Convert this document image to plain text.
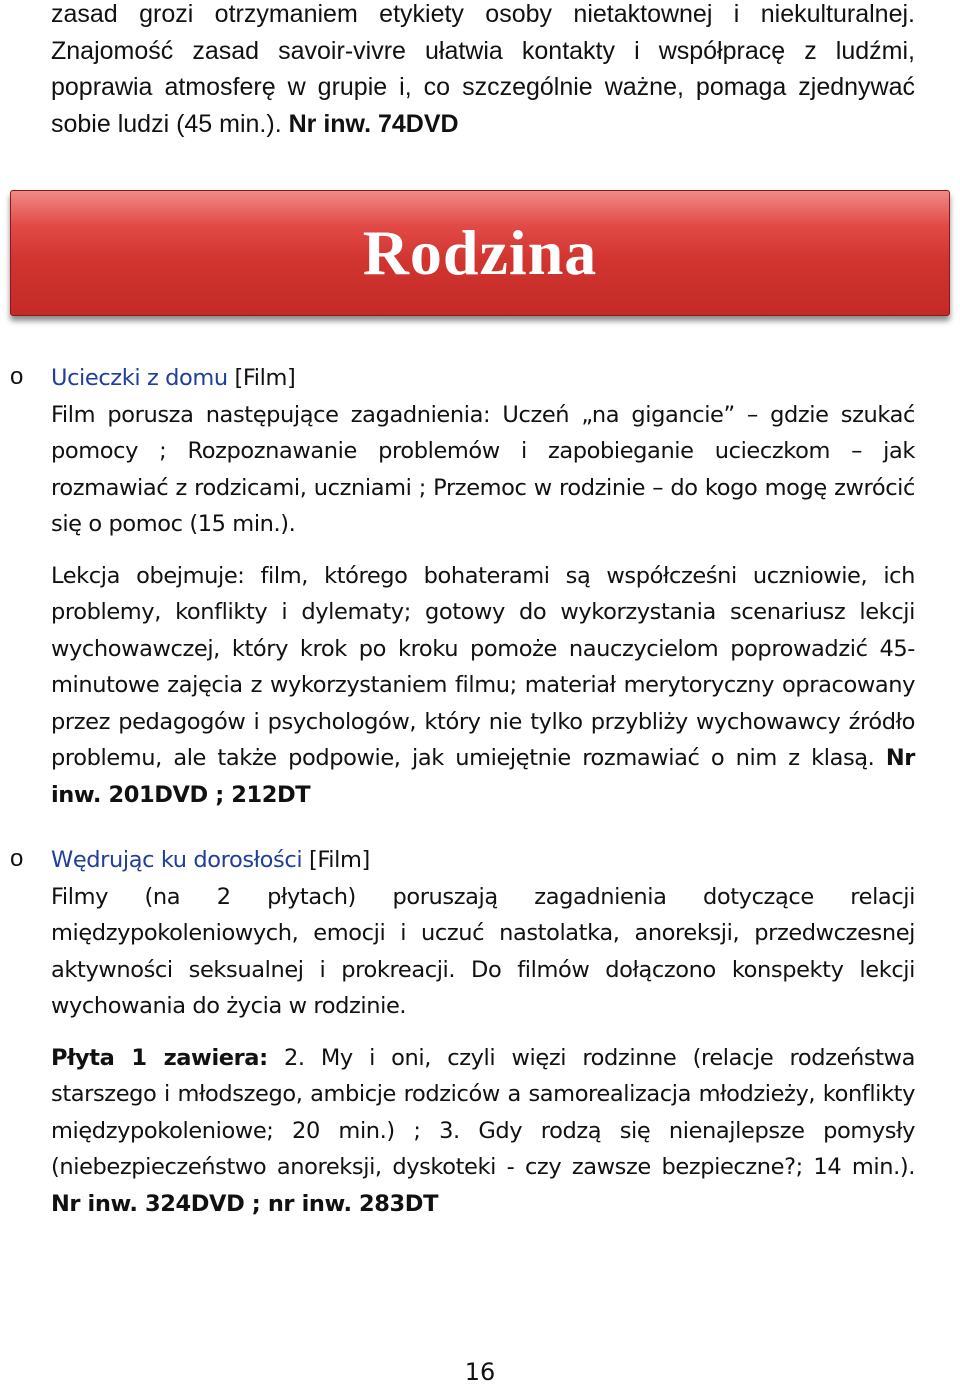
zasad grozi otrzymaniem etykiety osoby nietaktownej i niekulturalnej. Znajomość zasad savoir-vivre ułatwia kontakty i współpracę z ludźmi, poprawia atmosferę w grupie i, co szczególnie ważne, pomaga zjednywać sobie ludzi (45 min.). Nr inw. 74DVD
Rodzina
o Ucieczki z domu [Film]

Film porusza następujące zagadnienia: Uczeń „na gigancie” – gdzie szukać pomocy ; Rozpoznawanie problemów i zapobieganie ucieczkom – jak rozmawiać z rodzicami, uczniami ; Przemoc w rodzinie – do kogo mogę zwrócić się o pomoc (15 min.).

Lekcja obejmuje: film, którego bohaterami są współcześni uczniowie, ich problemy, konflikty i dylematy; gotowy do wykorzystania scenariusz lekcji wychowawczej, który krok po kroku pomoże nauczycielom poprowadzić 45-minutowe zajęcia z wykorzystaniem filmu; materiał merytoryczny opracowany przez pedagogów i psychologów, który nie tylko przybliży wychowawcy źródło problemu, ale także podpowie, jak umiejętnie rozmawiać o nim z klasą. Nr inw. 201DVD ; 212DT

o Wędrując ku dorosłości [Film]

Filmy (na 2 płytach) poruszają zagadnienia dotyczące relacji międzypokoleniowych, emocji i uczuć nastolatka, anoreksji, przedwczesnej aktywności seksualnej i prokreacji. Do filmów dołączono konspekty lekcji wychowania do życia w rodzinie.

Płyta 1 zawiera: 2. My i oni, czyli więzi rodzinne (relacje rodzeństwa starszego i młodszego, ambicje rodziców a samorealizacja młodzieży, konflikty międzypokoleniowe; 20 min.) ; 3. Gdy rodzą się nienajlepsze pomysły (niebezpieczeństwo anoreksji, dyskoteki - czy zawsze bezpieczne?; 14 min.). Nr inw. 324DVD ; nr inw. 283DT

16
